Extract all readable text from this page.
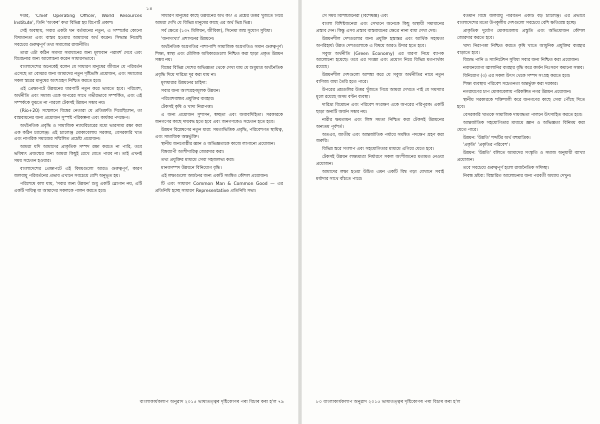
১৪

দপ্তর, 'Chief Operating Officer, World Resources Institute', তিনি 'অংকৰ' কথা বিভিন্ন হয় রিপোর্ট প্রকাশ।

সেই অবস্থায়, সবার একটা ঘন বৰ্তমানের নতুন, এ সম্পর্কের কোনো বিদ্যমানতা এবং বাস্তব হওয়ার আমাদের অর্থ করেন। সিদ্ধান্ত নিয়েছি সবচেয়ে গুরুত্বপূর্ণ তথ্য সমাজের রাজনীতি।

তারা এটা কঠিন সমস্যা সমাধানের জন্য মূল্যবান পরামর্শ দেবে এবং বিবেচনার জন্য আলোচনা করেন সাধারণভাবে।

বাংলাদেশের অনেকেই বলেন যে সাধারণ মানুষের জীবনে যে পরিবর্তন এসেছে তা বোঝার জন্য আমাদের নতুন দৃষ্টিভঙ্গি প্রয়োজন, এবং সমাজের সকল স্তরের মানুষের অংশগ্রহণ নিশ্চিত করতে হবে।

এই প্রেক্ষাপটে উন্নয়নের ধারণাটি নতুন করে ভাবতে হবে। পরিবেশ, অর্থনীতি এবং সমাজ একে অপরের সাথে গভীরভাবে সম্পর্কিত, এবং এই সম্পর্ককে বুঝতে না পারলে টেকসই উন্নয়ন সম্ভব নয়।

(Rio+20) সম্মেলনে বিশ্বের নেতারা যে প্রতিশ্রুতি দিয়েছিলেন, তা বাস্তবায়নের জন্য প্রয়োজন সুস্পষ্ট পরিকল্পনা এবং কার্যকর পদক্ষেপ।

অর্থনৈতিক প্রবৃদ্ধি ও সামাজিক ন্যায়বিচারের মধ্যে ভারসাম্য রক্ষা করা এক কঠিন চ্যালেঞ্জ। এই চ্যালেঞ্জ মোকাবেলায় সরকার, বেসরকারি খাত এবং নাগরিক সমাজের সম্মিলিত প্রচেষ্টা প্রয়োজন।

আমরা যদি আমাদের প্রাকৃতিক সম্পদ রক্ষা করতে না পারি, তবে ভবিষ্যৎ প্রজন্মের জন্য আমরা কিছুই রেখে যেতে পারব না। তাই এখনই সময় সচেতন হওয়ার।

বাংলাদেশের প্রেক্ষাপটে এই বিষয়গুলো আরও গুরুত্বপূর্ণ, কারণ জলবায়ু পরিবর্তনের প্রভাব এখানে সবচেয়ে বেশি অনুভূত হয়।

পরিশেষে বলা যায়, 'সবার জন্য উন্নয়ন' শুধু একটি স্লোগান নয়, এটি একটি দায়িত্ব যা আমাদের সকলকে পালন করতে হবে।

সাধারণ মানুষের কাছে উন্নয়নের অর্থ কী? এ প্রশ্নের উত্তর খুঁজতে গিয়ে আমরা দেখি যে বিভিন্ন মানুষের কাছে এর অর্থ ভিন্ন ভিন্ন।

সর্ব ক্ষেত্রে (১৩৭ মিলিয়ন, জীবিকা), সিনেমা জন্ম সুযোগ সুবিধা।

'জনসংখ্যা' প্রশাসনের উন্নয়নে।

অর্থনৈতিক অগ্রগতির পাশাপাশি সামাজিক অগ্রগতিও সমান গুরুত্বপূর্ণ। শিক্ষা, স্বাস্থ্য এবং মৌলিক অধিকারগুলো নিশ্চিত করা ছাড়া প্রকৃত উন্নয়ন সম্ভব নয়।

বিশ্বের বিভিন্ন দেশের অভিজ্ঞতা থেকে দেখা যায় যে শুধুমাত্র অর্থনৈতিক প্রবৃদ্ধি দিয়ে দারিদ্র্য দূর করা যায় না।

মূলধারার উন্নয়নের চাহিদা:

সবার জন্য অংশগ্রহণমূলক উন্নয়ন।

পরিবেশবান্ধব প্রযুক্তির ব্যবহার।

টেকসই কৃষি ও খাদ্য নিরাপত্তা।

এ জন্য প্রয়োজন সুশাসন, স্বচ্ছতা এবং জবাবদিহিতা। সরকারকে জনগণের কাছে দায়বদ্ধ হতে হবে এবং জনগণকেও সচেতন হতে হবে।

উন্নয়ন বিশ্লেষণের নতুন ধারা: সমতাভিত্তিক প্রবৃদ্ধি, পরিবেশগত স্থায়িত্ব, এবং সামাজিক অন্তর্ভুক্তি।

স্থানীয় জনগোষ্ঠীর জ্ঞান ও অভিজ্ঞতাকে কাজে লাগানো প্রয়োজন।

বিশ্বব্যাপী অংশীদারিত্ব জোরদার করা।

তথ্য প্রযুক্তির মাধ্যমে সেবা সহজলভ্য করা।

মানবসম্পদ উন্নয়নে বিনিয়োগ বৃদ্ধি।

এই লক্ষ্যগুলো অর্জনের জন্য একটি সমন্বিত কৌশল প্রয়োজন।

টি এবং সাধারণ Common Man & Common Good — এর প্রতিনিধি হচ্ছে সাধারণ Representative প্রতিনিধি সভা।

বাংলাকাৰ্যকলাপ অনুৱাদ ২০১৫ ভাষাতত্ত্বৰ দৃষ্টিকোণৰ পৰা বিচাৰ কৰা হ'ল ৭৯

সে সময় বিশিষ্টজনেরা (বিশেষজ্ঞ) এবং

বাংলা বিশিষ্টজনেরা এবং সেখানে অনেকে কিছু অস্থায়ী সমাধানের প্রস্তাব দেন। কিন্তু এসব প্রস্তাব বাস্তবায়নের ক্ষেত্রে নানা বাধা দেখা দেয়।

উন্নয়নশীল দেশগুলোর জন্য প্রযুক্তি হস্তান্তর এবং আর্থিক সহায়তা অপরিহার্য। উন্নত দেশগুলোকে এ বিষয়ে আরও উদার হতে হবে।

সবুজ অর্থনীতি (Green Economy) এর ধারণা নিয়ে ব্যাপক আলোচনা হয়েছে। তবে এর সংজ্ঞা এবং প্রয়োগ নিয়ে বিভিন্ন মতপার্থক্য রয়েছে।

উন্নয়নশীল দেশগুলো আশঙ্কা করে যে সবুজ অর্থনীতির নামে নতুন বাণিজ্য বাধা তৈরি হতে পারে।

উপরের প্রশ্নগুলির উত্তর খুঁজতে গিয়ে আমরা দেখতে পাই যে সমস্যার মূলে রয়েছে অসম বণ্টন ব্যবস্থা।

দারিদ্র্য বিমোচন এবং পরিবেশ সংরক্ষণ একে অপরের পরিপূরক। একটি ছাড়া অন্যটি অর্জন সম্ভব নয়।

নারীর ক্ষমতায়ন এবং লিঙ্গ সমতা নিশ্চিত করা টেকসই উন্নয়নের অন্যতম পূর্বশর্ত।

অতএব, জাতীয় এবং আন্তর্জাতিক পর্যায়ে সমন্বিত পদক্ষেপ গ্রহণ করা জরুরি।

বিভিন্ন স্তরে সংলাপ এবং সহযোগিতার মাধ্যমে এগিয়ে যেতে হবে।

টেকসই উন্নয়ন লক্ষ্যমাত্রা নির্ধারণে সকল অংশীজনের মতামত নেওয়া প্রয়োজন।

আমাদের লক্ষ্য হওয়া উচিত এমন একটি বিশ্ব গড়া যেখানে সবাই মর্যাদার সাথে বাঁচতে পারে।

বর্তমান বিশ্বে জলবায়ু পরিবর্তন একটি বড় চ্যালেঞ্জ। এর প্রভাবে বাংলাদেশের মতো উপকূলীয় দেশগুলো সবচেয়ে বেশি ক্ষতিগ্রস্ত হচ্ছে।

প্রাকৃতিক দুর্যোগ মোকাবেলায় প্রস্তুতি এবং অভিযোজন কৌশল জোরদার করতে হবে।

খাদ্য নিরাপত্তা নিশ্চিত করতে কৃষি খাতে আধুনিক প্রযুক্তির ব্যবহার বাড়াতে হবে।

বিশুদ্ধ পানি ও স্যানিটেশন সুবিধা সবার জন্য নিশ্চিত করা প্রয়োজন।

নবায়নযোগ্য জ্বালানির ব্যবহার বৃদ্ধি করে কার্বন নিঃসরণ কমানো সম্ভব।

বিনিয়োগ (৩) এর সকল উৎস থেকে সম্পদ সংগ্রহ করতে হবে।

শিক্ষা ব্যবস্থায় পরিবেশ সচেতনতা অন্তর্ভুক্ত করা দরকার।

নগরায়ণের চাপ মোকাবেলায় পরিকল্পিত নগর উন্নয়ন প্রয়োজন।

স্থানীয় সরকারকে শক্তিশালী করে জনগণের কাছে সেবা পৌঁছে দিতে হবে।

বেসরকারি খাতকে সামাজিক দায়বদ্ধতা পালনে উৎসাহিত করতে হবে।

আন্তর্জাতিক সহযোগিতার মাধ্যমে জ্ঞান ও অভিজ্ঞতা বিনিময় করা যেতে পারে।

উন্নয়ন: 'উন্নতি' শব্দটির অর্থ বহুমাত্রিক।

'প্রকৃতি' 'প্রকৃতির পরিবেশ'।

উন্নয়ন: 'উন্নতি' বলিতে আমাদের সংস্কৃতি ও সমাজ অনুযায়ী ব্যাখ্যা প্রয়োজন।

তবে সবচেয়ে গুরুত্বপূর্ণ হলো রাজনৈতিক সদিচ্ছা।

নিবন্ধ দ্রষ্টব্য: বিস্তারিত আলোচনার জন্য পরবর্তী অধ্যায় দেখুন।

৮০ বাংলাকাৰ্যকলাপ অনুৱাদ ২০১৫ ভাষাতত্ত্বৰ দৃষ্টিকোণৰ পৰা বিচাৰ কৰা হ'ল
